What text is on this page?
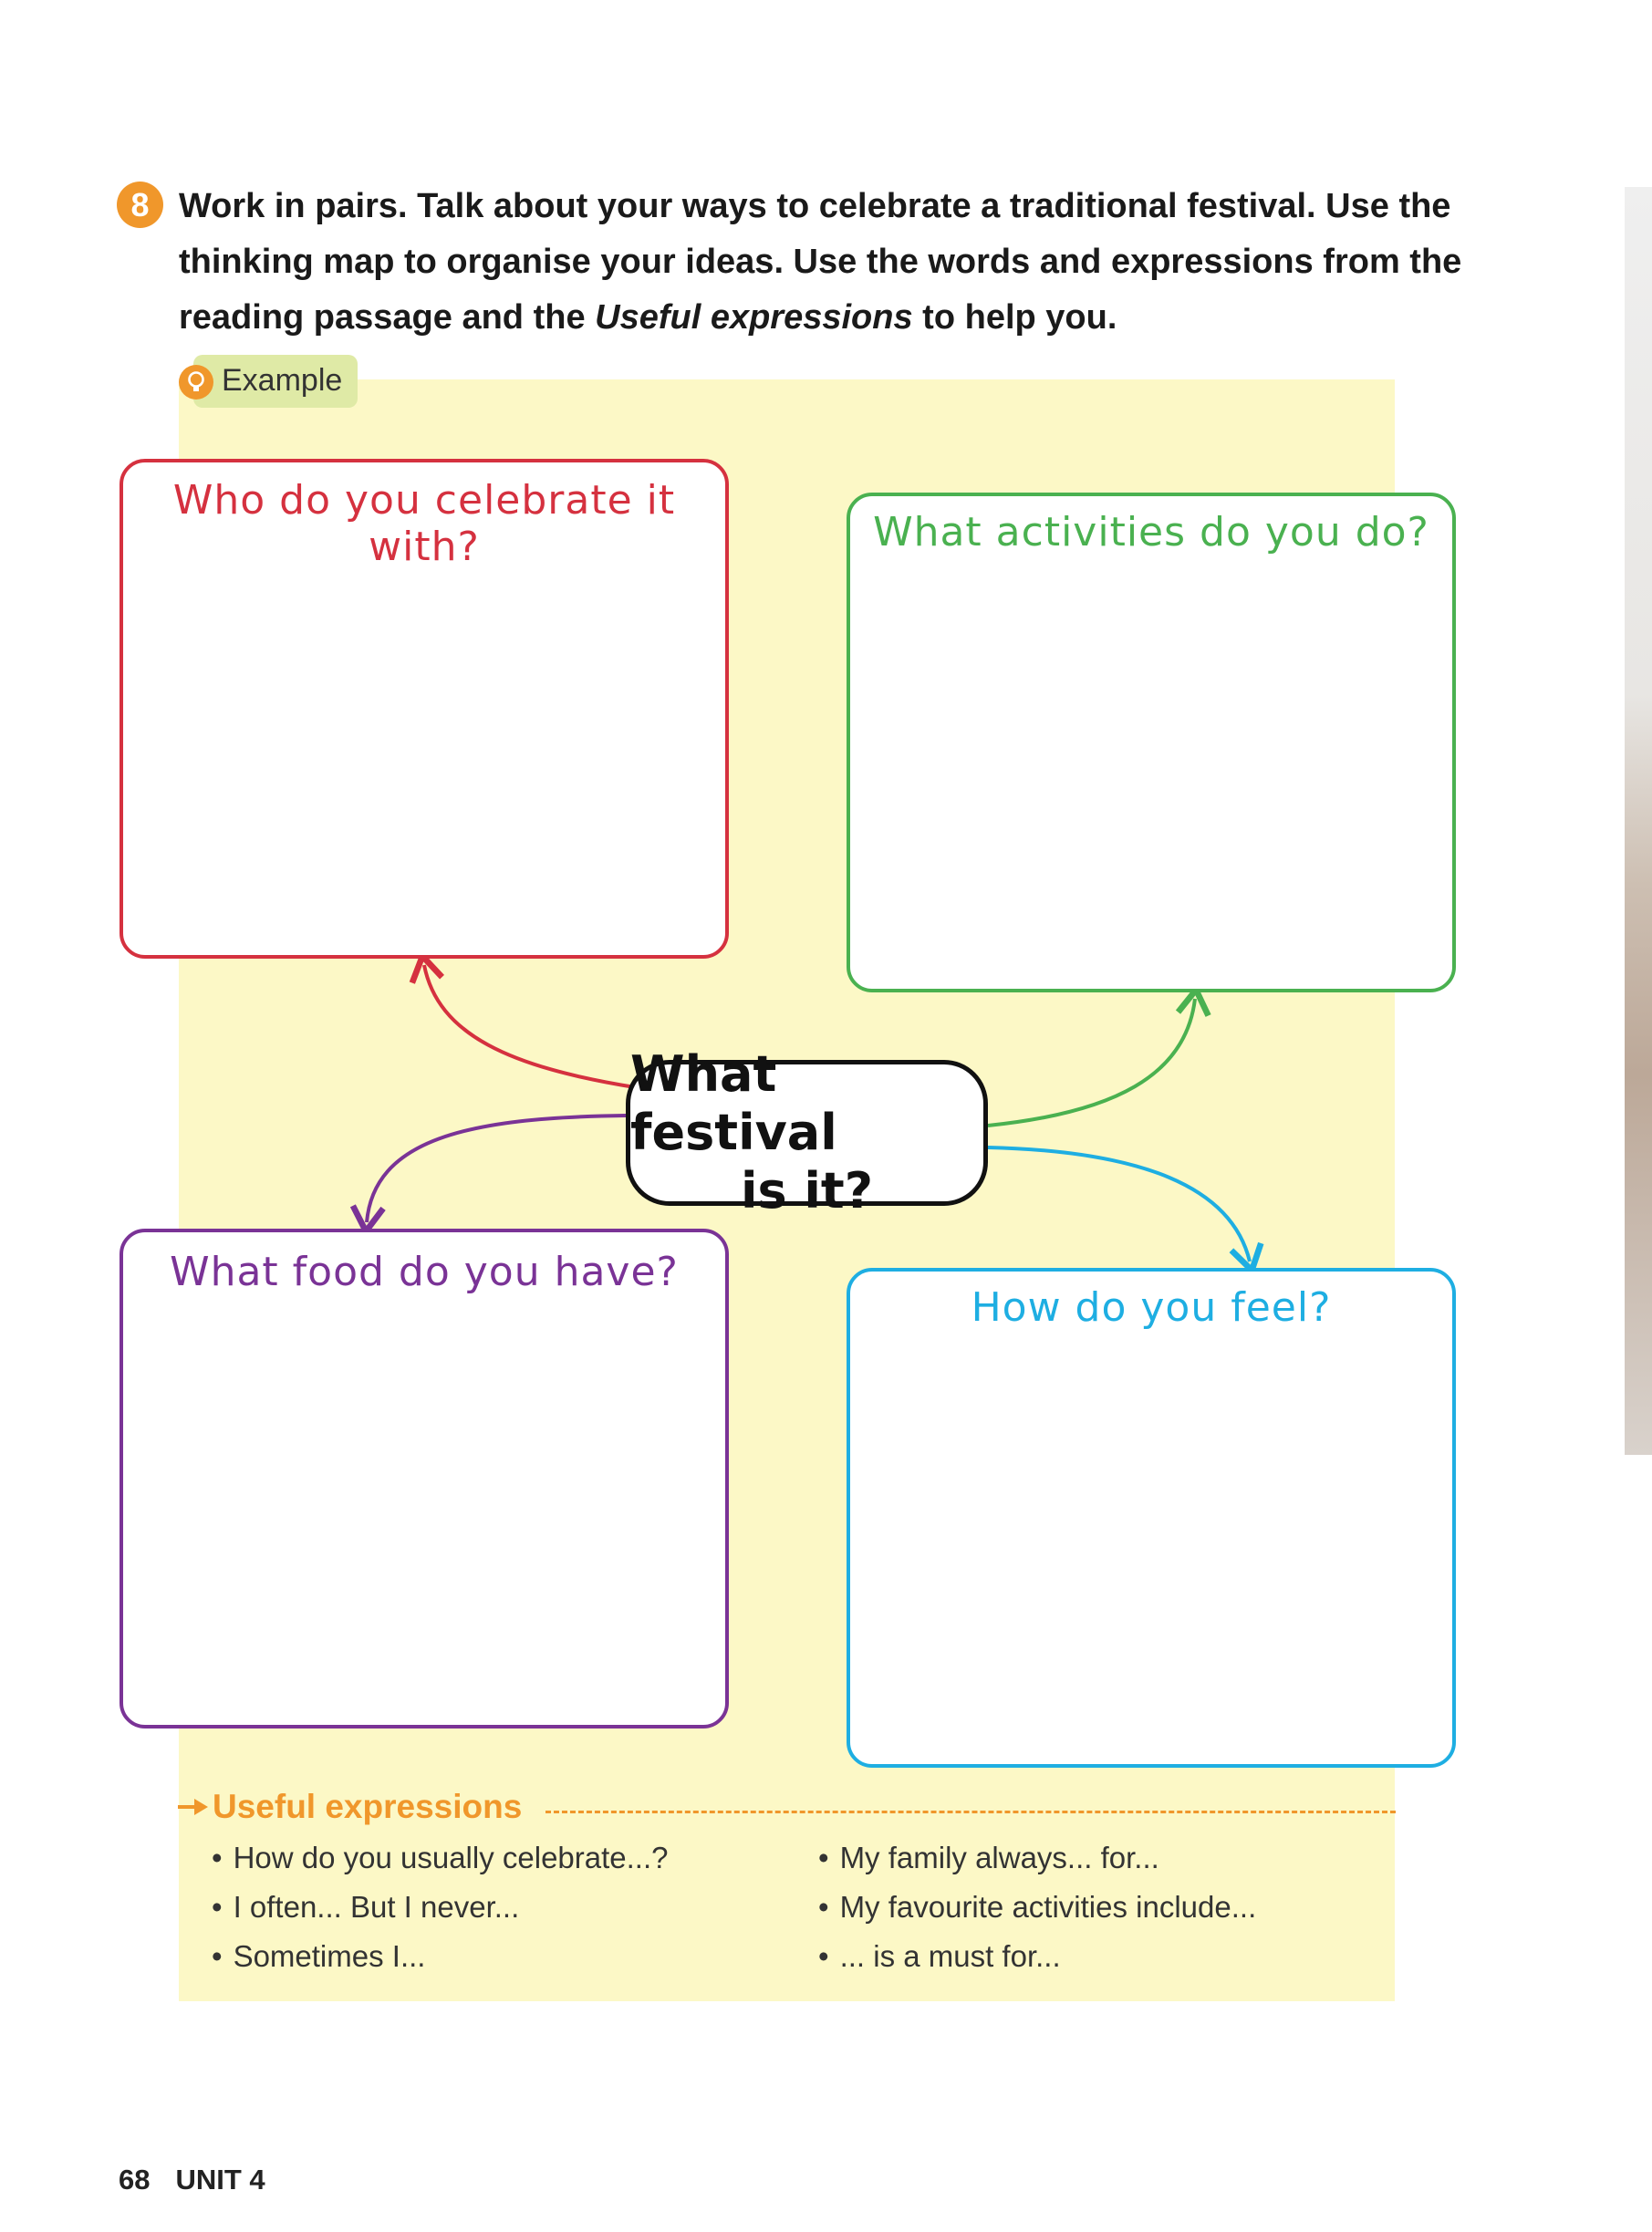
8 Work in pairs. Talk about your ways to celebrate a traditional festival. Use the thinking map to organise your ideas. Use the words and expressions from the reading passage and the Useful expressions to help you.

Example
Who do you celebrate it with?	What activities do you do?
What food do you have?
How do you feel?
What festival
is it?
Useful expressions
• How do you usually celebrate...?
• I often... But I never...
• Sometimes I...
• My family always... for...
• My favourite activities include...
• ... is a must for...
68 UNIT 4
